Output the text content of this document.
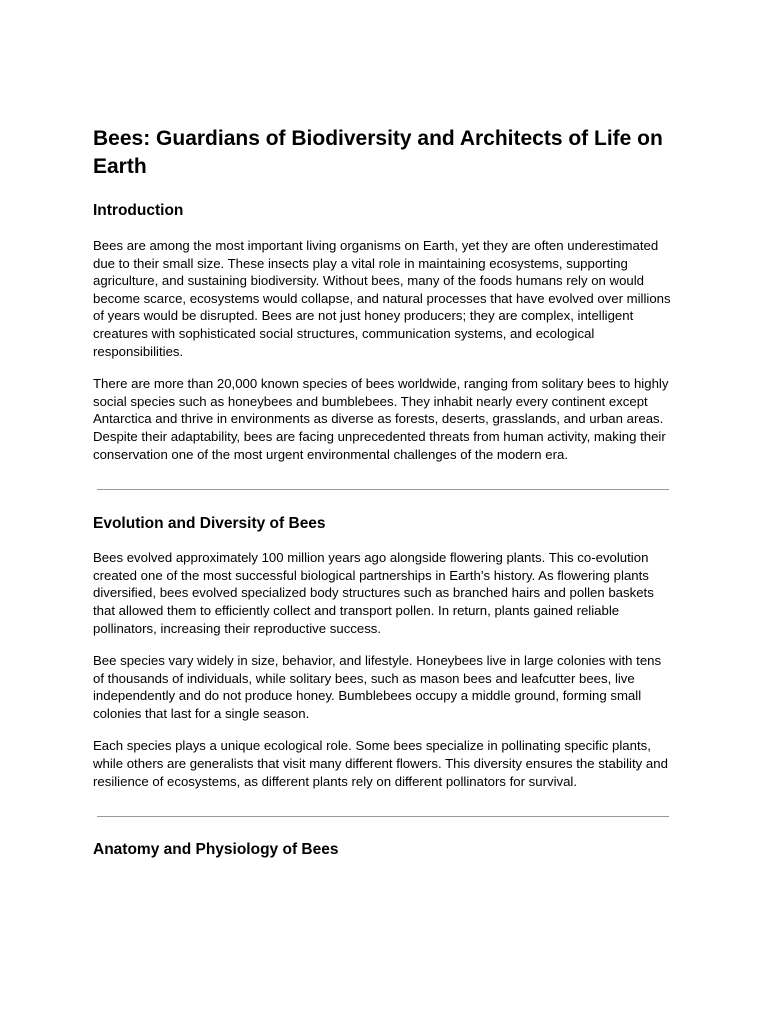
Bees: Guardians of Biodiversity and Architects of Life on Earth
Introduction

Bees are among the most important living organisms on Earth, yet they are often underestimated due to their small size. These insects play a vital role in maintaining ecosystems, supporting agriculture, and sustaining biodiversity. Without bees, many of the foods humans rely on would become scarce, ecosystems would collapse, and natural processes that have evolved over millions of years would be disrupted. Bees are not just honey producers; they are complex, intelligent creatures with sophisticated social structures, communication systems, and ecological responsibilities.

There are more than 20,000 known species of bees worldwide, ranging from solitary bees to highly social species such as honeybees and bumblebees. They inhabit nearly every continent except Antarctica and thrive in environments as diverse as forests, deserts, grasslands, and urban areas. Despite their adaptability, bees are facing unprecedented threats from human activity, making their conservation one of the most urgent environmental challenges of the modern era.

Evolution and Diversity of Bees

Bees evolved approximately 100 million years ago alongside flowering plants. This co-evolution created one of the most successful biological partnerships in Earth’s history. As flowering plants diversified, bees evolved specialized body structures such as branched hairs and pollen baskets that allowed them to efficiently collect and transport pollen. In return, plants gained reliable pollinators, increasing their reproductive success.

Bee species vary widely in size, behavior, and lifestyle. Honeybees live in large colonies with tens of thousands of individuals, while solitary bees, such as mason bees and leafcutter bees, live independently and do not produce honey. Bumblebees occupy a middle ground, forming small colonies that last for a single season.

Each species plays a unique ecological role. Some bees specialize in pollinating specific plants, while others are generalists that visit many different flowers. This diversity ensures the stability and resilience of ecosystems, as different plants rely on different pollinators for survival.

Anatomy and Physiology of Bees
